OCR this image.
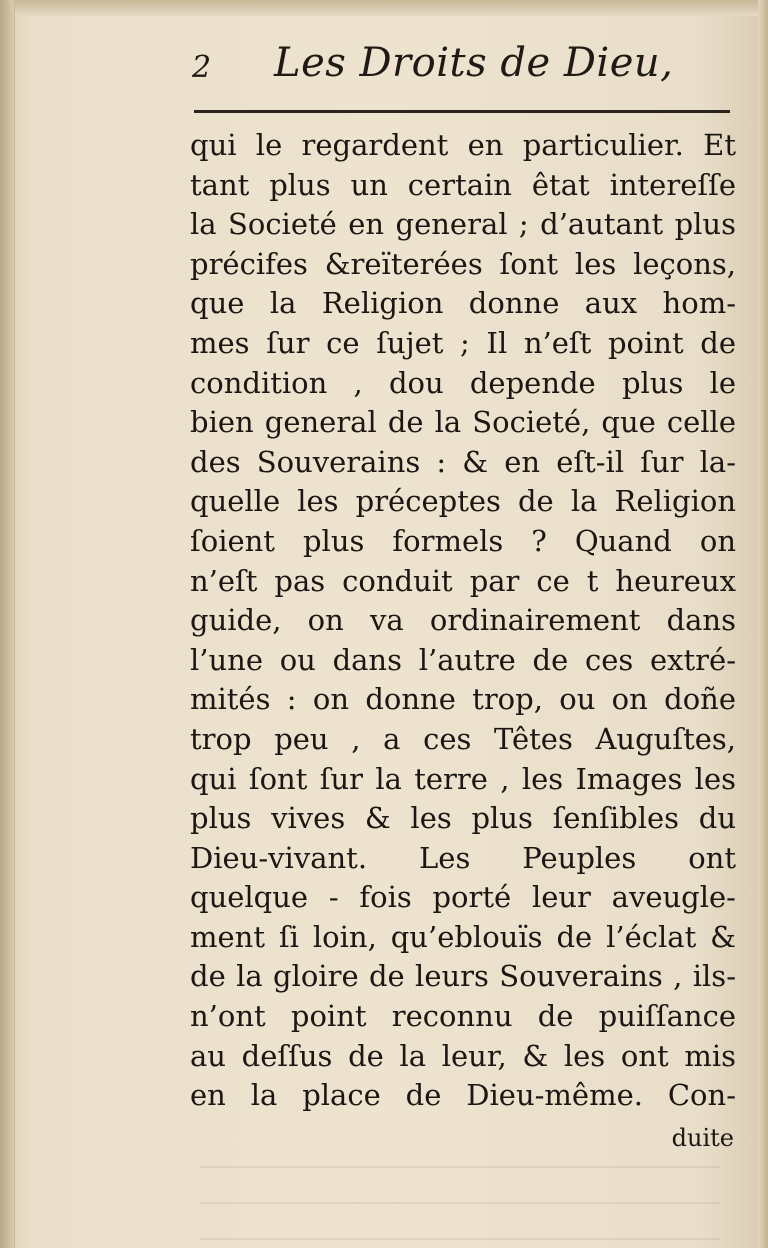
2 Les Droits de Dieu,
qui le regardent en particulier. Et
tant plus un certain êtat intereſſe
la Societé en general ; d’autant plus
précifes &reïterées ſont les leçons,
que la Religion donne aux hom-
mes ſur ce ſujet ; Il n’eſt point de
condition , dou depende plus le
bien general de la Societé, que celle
des Souverains : & en eſt-il ſur la-
quelle les préceptes de la Religion
ſoient plus formels ? Quand on
n’eſt pas conduit par ce t heureux
guide, on va ordinairement dans
l’une ou dans l’autre de ces extré-
mités : on donne trop, ou on doñe
trop peu , a ces Têtes Auguſtes,
qui ſont ſur la terre , les Images les
plus vives & les plus ſenſibles du
Dieu-vivant. Les Peuples ont
quelque - fois porté leur aveugle-
ment ſi loin, qu’eblouïs de l’éclat &
de la gloire de leurs Souverains , ils-
n’ont point reconnu de puiſſance
au deſſus de la leur, & les ont mis
en la place de Dieu-même. Con-
duite
